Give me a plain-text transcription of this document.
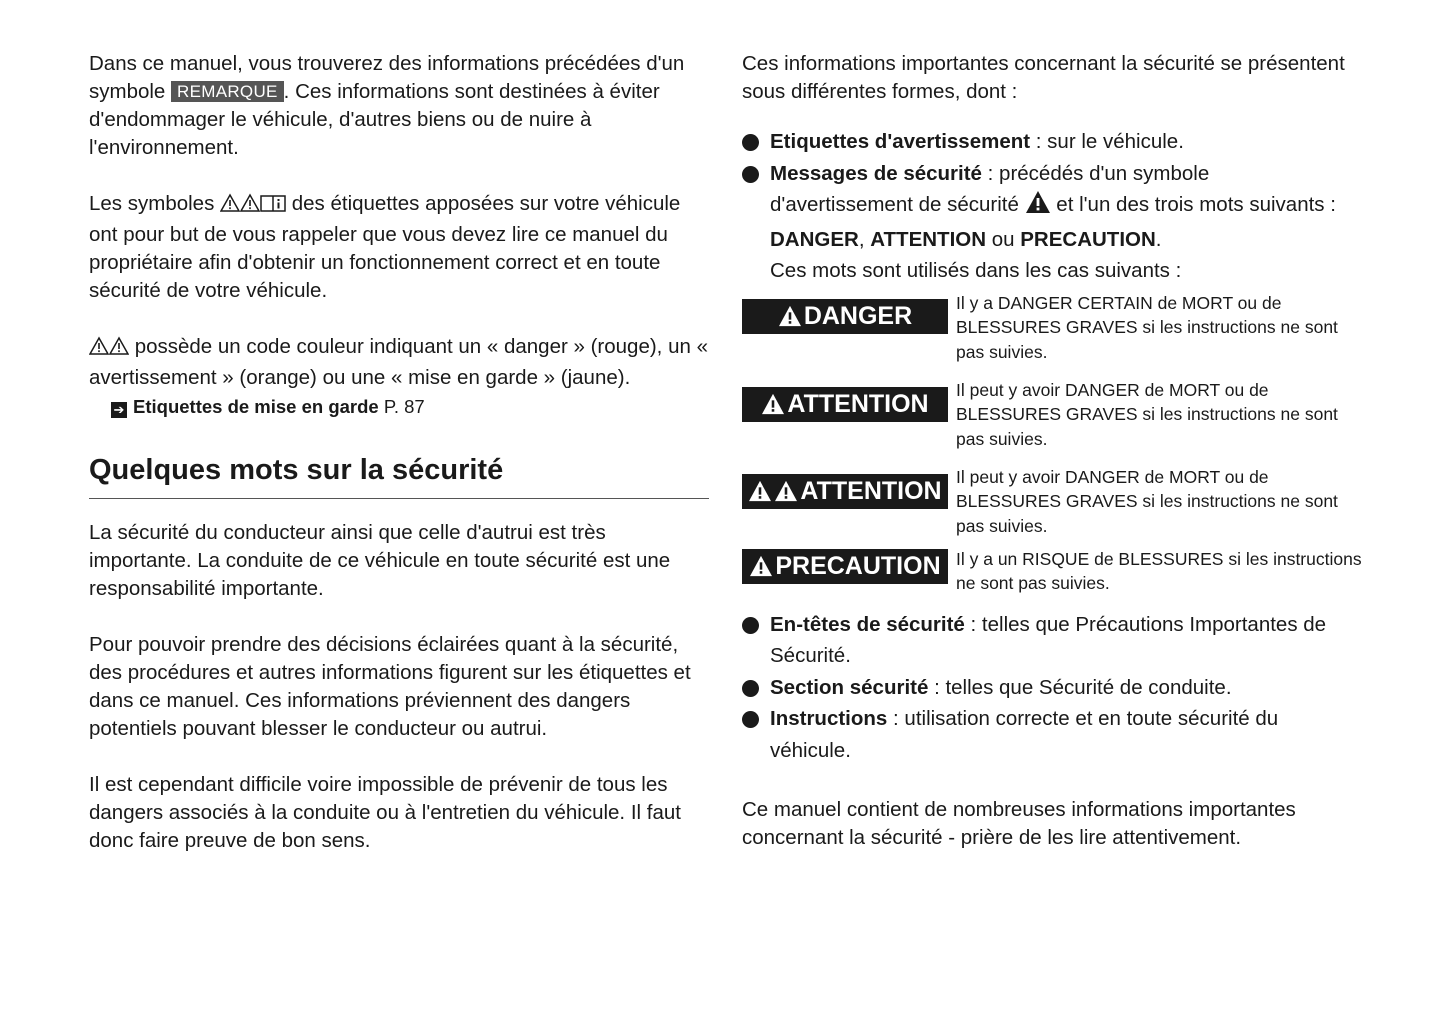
Dans ce manuel, vous trouverez des informations précédées d'un symbole REMARQUE . Ces informations sont destinées à éviter d'endommager le véhicule, d'autres biens ou de nuire à l'environnement.

Les symboles	des étiquettes apposées sur votre véhicule ont pour but de vous rappeler que vous devez lire ce manuel du propriétaire afin d'obtenir un fonctionnement correct et en toute sécurité de votre véhicule.

possède un code couleur indiquant un « danger » (rouge), un « avertissement » (orange) ou une « mise en garde » (jaune).

➔ Etiquettes de mise en garde P. 87
Quelques mots sur la sécurité

La sécurité du conducteur ainsi que celle d'autrui est très importante. La conduite de ce véhicule en toute sécurité est une responsabilité importante.

Pour pouvoir prendre des décisions éclairées quant à la sécurité, des procédures et autres informations figurent sur les étiquettes et dans ce manuel. Ces informations préviennent des dangers potentiels pouvant blesser le conducteur ou autrui.

Il est cependant difficile voire impossible de prévenir de tous les dangers associés à la conduite ou à l'entretien du véhicule. Il faut donc faire preuve de bon sens.

Ces informations importantes concernant la sécurité se présentent sous différentes formes, dont :

Etiquettes d'avertissement : sur le véhicule.
Messages de sécurité : précédés d'un symbole
d'avertissement de sécurité  et l'un des trois mots suivants :
DANGER, ATTENTION ou PRECAUTION.
Ces mots sont utilisés dans les cas suivants :
DANGER	Il y a DANGER CERTAIN de MORT ou de BLESSURES GRAVES si les instructions ne sont pas suivies.
ATTENTION	Il peut y avoir DANGER de MORT ou de BLESSURES GRAVES si les instructions ne sont pas suivies.
ATTENTION Il peut y avoir DANGER de MORT ou de BLESSURES GRAVES si les instructions ne sont pas suivies.
PRECAUTION Il y a un RISQUE de BLESSURES si les instructions ne sont pas suivies.
En-têtes de sécurité : telles que Précautions Importantes de Sécurité.
Section sécurité : telles que Sécurité de conduite.
Instructions : utilisation correcte et en toute sécurité du véhicule.

Ce manuel contient de nombreuses informations importantes concernant la sécurité - prière de les lire attentivement.
